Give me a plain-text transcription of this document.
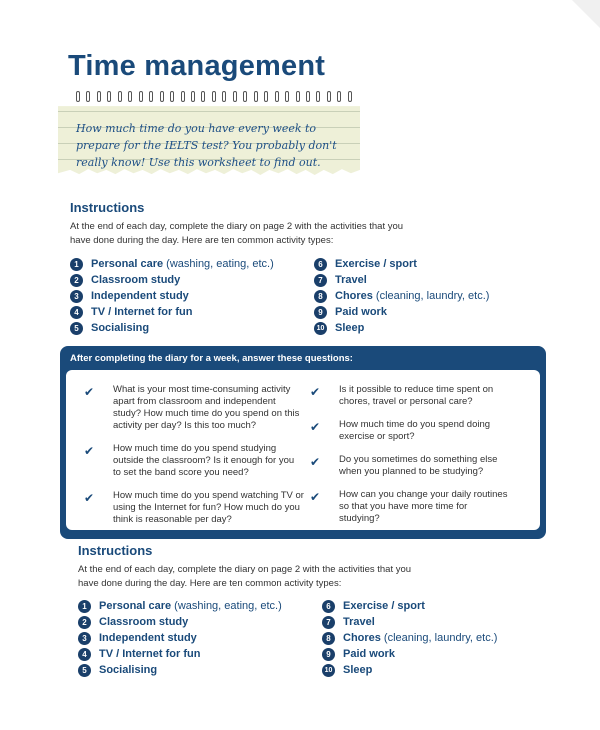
Time management

How much time do you have every week to prepare for the IELTS test? You probably don't really know! Use this worksheet to find out.

Instructions

At the end of each day, complete the diary on page 2 with the activities that you have done during the day. Here are ten common activity types:

1	Personal care (washing, eating, etc.)
2	Classroom study
3	Independent study
4	TV / Internet for fun
5	Socialising
6	Exercise / sport
7	Travel
8	Chores (cleaning, laundry, etc.)
9	Paid work
10 Sleep
After completing the diary for a week, answer these questions:
✔	What is your most time-consuming activity apart from classroom and independent study? How much time do you spend on this activity per day? Is this too much?
✔	How much time do you spend studying outside the classroom? Is it enough for you to set the band score you need?
✔	How much time do you spend watching TV or using the Internet for fun? How much do you think is reasonable per day?
✔	Is it possible to reduce time spent on chores, travel or personal care?
✔	How much time do you spend doing exercise or sport?
✔	Do you sometimes do something else when you planned to be studying?
✔	How can you change your daily routines so that you have more time for studying?
Instructions

At the end of each day, complete the diary on page 2 with the activities that you have done during the day. Here are ten common activity types:

1	Personal care (washing, eating, etc.)
2	Classroom study
3	Independent study
4	TV / Internet for fun
5	Socialising
6	Exercise / sport
7	Travel
8	Chores (cleaning, laundry, etc.)
9	Paid work
10 Sleep
